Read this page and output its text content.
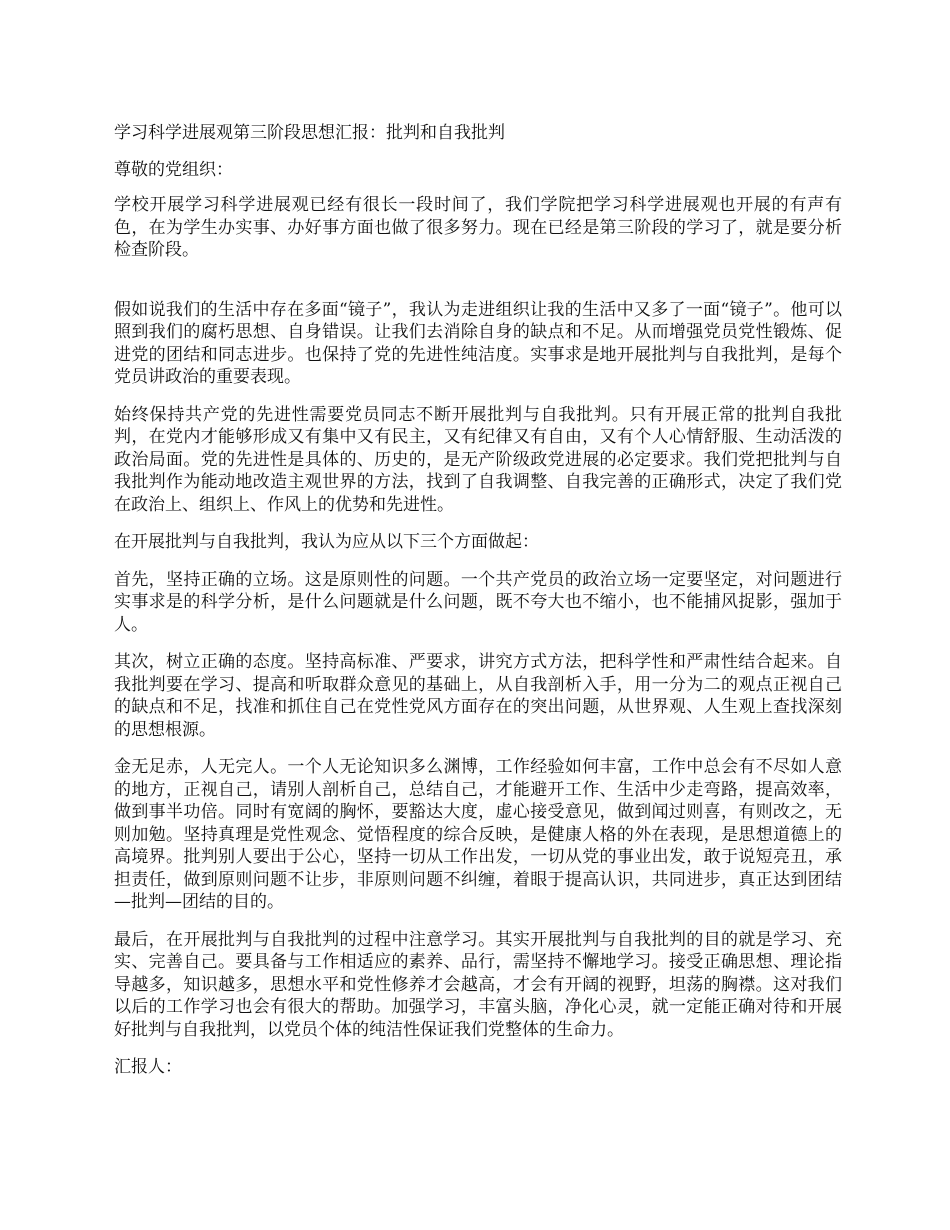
学习科学进展观第三阶段思想汇报：批判和自我批判

尊敬的党组织：

学校开展学习科学进展观已经有很长一段时间了，我们学院把学习科学进展观也开展的有声有色，在为学生办实事、办好事方面也做了很多努力。现在已经是第三阶段的学习了，就是要分析检查阶段。

假如说我们的生活中存在多面“镜子”，我认为走进组织让我的生活中又多了一面“镜子”。他可以照到我们的腐朽思想、自身错误。让我们去消除自身的缺点和不足。从而增强党员党性锻炼、促进党的团结和同志进步。也保持了党的先进性纯洁度。实事求是地开展批判与自我批判，是每个党员讲政治的重要表现。

始终保持共产党的先进性需要党员同志不断开展批判与自我批判。只有开展正常的批判自我批判，在党内才能够形成又有集中又有民主，又有纪律又有自由，又有个人心情舒服、生动活泼的政治局面。党的先进性是具体的、历史的，是无产阶级政党进展的必定要求。我们党把批判与自我批判作为能动地改造主观世界的方法，找到了自我调整、自我完善的正确形式，决定了我们党在政治上、组织上、作风上的优势和先进性。

在开展批判与自我批判，我认为应从以下三个方面做起：

首先，坚持正确的立场。这是原则性的问题。一个共产党员的政治立场一定要坚定，对问题进行实事求是的科学分析，是什么问题就是什么问题，既不夸大也不缩小，也不能捕风捉影，强加于人。

其次，树立正确的态度。坚持高标准、严要求，讲究方式方法，把科学性和严肃性结合起来。自我批判要在学习、提高和听取群众意见的基础上，从自我剖析入手，用一分为二的观点正视自己的缺点和不足，找准和抓住自己在党性党风方面存在的突出问题，从世界观、人生观上查找深刻的思想根源。

金无足赤，人无完人。一个人无论知识多么渊博，工作经验如何丰富，工作中总会有不尽如人意的地方，正视自己，请别人剖析自己，总结自己，才能避开工作、生活中少走弯路，提高效率，做到事半功倍。同时有宽阔的胸怀，要豁达大度，虚心接受意见，做到闻过则喜，有则改之，无则加勉。坚持真理是党性观念、觉悟程度的综合反映，是健康人格的外在表现，是思想道德上的高境界。批判别人要出于公心，坚持一切从工作出发，一切从党的事业出发，敢于说短亮丑，承担责任，做到原则问题不让步，非原则问题不纠缠，着眼于提高认识，共同进步，真正达到团结—批判—团结的目的。

最后，在开展批判与自我批判的过程中注意学习。其实开展批判与自我批判的目的就是学习、充实、完善自己。要具备与工作相适应的素养、品行，需坚持不懈地学习。接受正确思想、理论指导越多，知识越多，思想水平和党性修养才会越高，才会有开阔的视野，坦荡的胸襟。这对我们以后的工作学习也会有很大的帮助。加强学习，丰富头脑，净化心灵，就一定能正确对待和开展好批判与自我批判，以党员个体的纯洁性保证我们党整体的生命力。

汇报人：
